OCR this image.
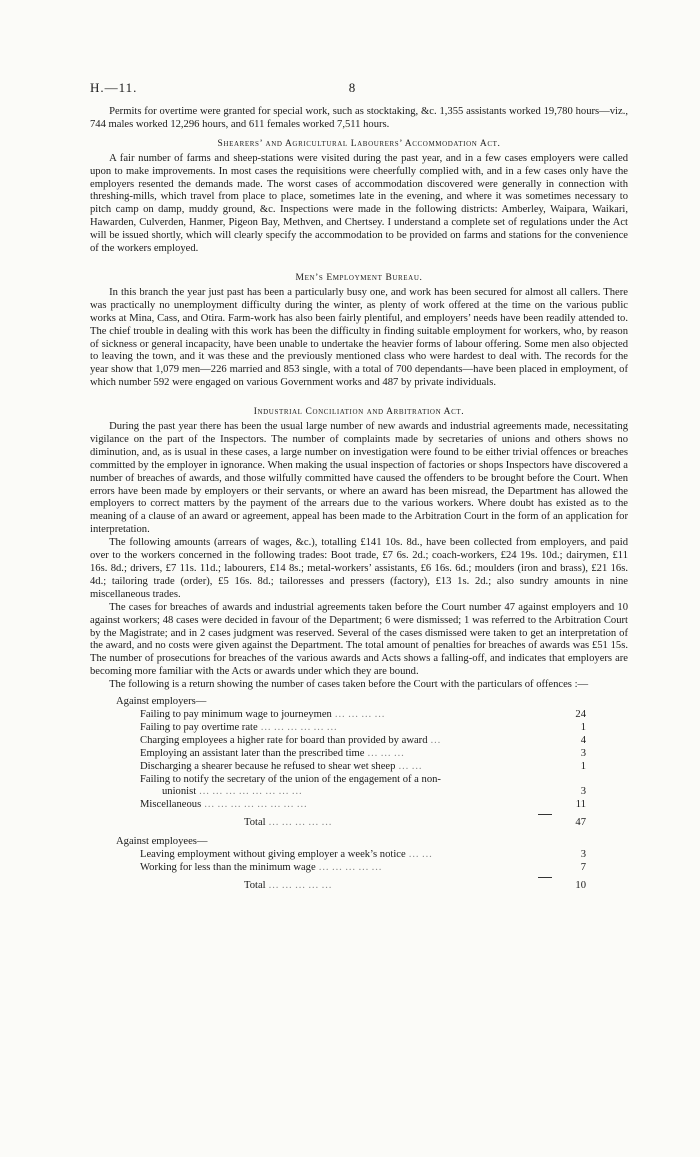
H.—11.	8

Permits for overtime were granted for special work, such as stocktaking, &c. 1,355 assistants worked 19,780 hours—viz., 744 males worked 12,296 hours, and 611 females worked 7,511 hours.

Shearers’ and Agricultural Labourers’ Accommodation Act.

A fair number of farms and sheep-stations were visited during the past year, and in a few cases employers were called upon to make improvements. In most cases the requisitions were cheerfully complied with, and in a few cases only have the employers resented the demands made. The worst cases of accommodation discovered were generally in connection with threshing-mills, which travel from place to place, sometimes late in the evening, and where it was sometimes necessary to pitch camp on damp, muddy ground, &c. Inspections were made in the following districts: Amberley, Waipara, Waikari, Hawarden, Culverden, Hanmer, Pigeon Bay, Methven, and Chertsey. I understand a complete set of regulations under the Act will be issued shortly, which will clearly specify the accommodation to be provided on farms and stations for the convenience of the workers employed.

Men’s Employment Bureau.

In this branch the year just past has been a particularly busy one, and work has been secured for almost all callers. There was practically no unemployment difficulty during the winter, as plenty of work offered at the time on the various public works at Mina, Cass, and Otira. Farm-work has also been fairly plentiful, and employers’ needs have been readily attended to. The chief trouble in dealing with this work has been the difficulty in finding suitable employment for workers, who, by reason of sickness or general incapacity, have been unable to undertake the heavier forms of labour offering. Some men also objected to leaving the town, and it was these and the previously mentioned class who were hardest to deal with. The records for the year show that 1,079 men—226 married and 853 single, with a total of 700 dependants—have been placed in employment, of which number 592 were engaged on various Government works and 487 by private individuals.

Industrial Conciliation and Arbitration Act.

During the past year there has been the usual large number of new awards and industrial agreements made, necessitating vigilance on the part of the Inspectors. The number of complaints made by secretaries of unions and others shows no diminution, and, as is usual in these cases, a large number on investigation were found to be either trivial offences or breaches committed by the employer in ignorance. When making the usual inspection of factories or shops Inspectors have discovered a number of breaches of awards, and those wilfully committed have caused the offenders to be brought before the Court. When errors have been made by employers or their servants, or where an award has been misread, the Department has allowed the employers to correct matters by the payment of the arrears due to the various workers. Where doubt has existed as to the meaning of a clause of an award or agreement, appeal has been made to the Arbitration Court in the form of an application for interpretation.

The following amounts (arrears of wages, &c.), totalling £141 10s. 8d., have been collected from employers, and paid over to the workers concerned in the following trades: Boot trade, £7 6s. 2d.; coach-workers, £24 19s. 10d.; dairymen, £11 16s. 8d.; drivers, £7 11s. 11d.; labourers, £14 8s.; metal-workers’ assistants, £6 16s. 6d.; moulders (iron and brass), £21 16s. 4d.; tailoring trade (order), £5 16s. 8d.; tailoresses and pressers (factory), £13 1s. 2d.; also sundry amounts in nine miscellaneous trades.

The cases for breaches of awards and industrial agreements taken before the Court number 47 against employers and 10 against workers; 48 cases were decided in favour of the Department; 6 were dismissed; 1 was referred to the Arbitration Court by the Magistrate; and in 2 cases judgment was reserved. Several of the cases dismissed were taken to get an interpretation of the award, and no costs were given against the Department. The total amount of penalties for breaches of awards was £51 15s. The number of prosecutions for breaches of the various awards and Acts shows a falling-off, and indicates that employers are becoming more familiar with the Acts or awards under which they are bound.

The following is a return showing the number of cases taken before the Court with the particulars of offences :—

Against employers—
Failing to pay minimum wage to journeymen … … … …	24
Failing to pay overtime rate … … … … … …	1
Charging employees a higher rate for board than provided by award …	4
Employing an assistant later than the prescribed time … … …	3
Discharging a shearer because he refused to shear wet sheep … …	1
Failing to notify the secretary of the union of the engagement of a non-
unionist … … … … … … … …	3
Miscellaneous … … … … … … … …	11
Total … … … … …	47
Against employees—
Leaving employment without giving employer a week’s notice … …	3
Working for less than the minimum wage … … … … …	7
Total … … … … …	10
